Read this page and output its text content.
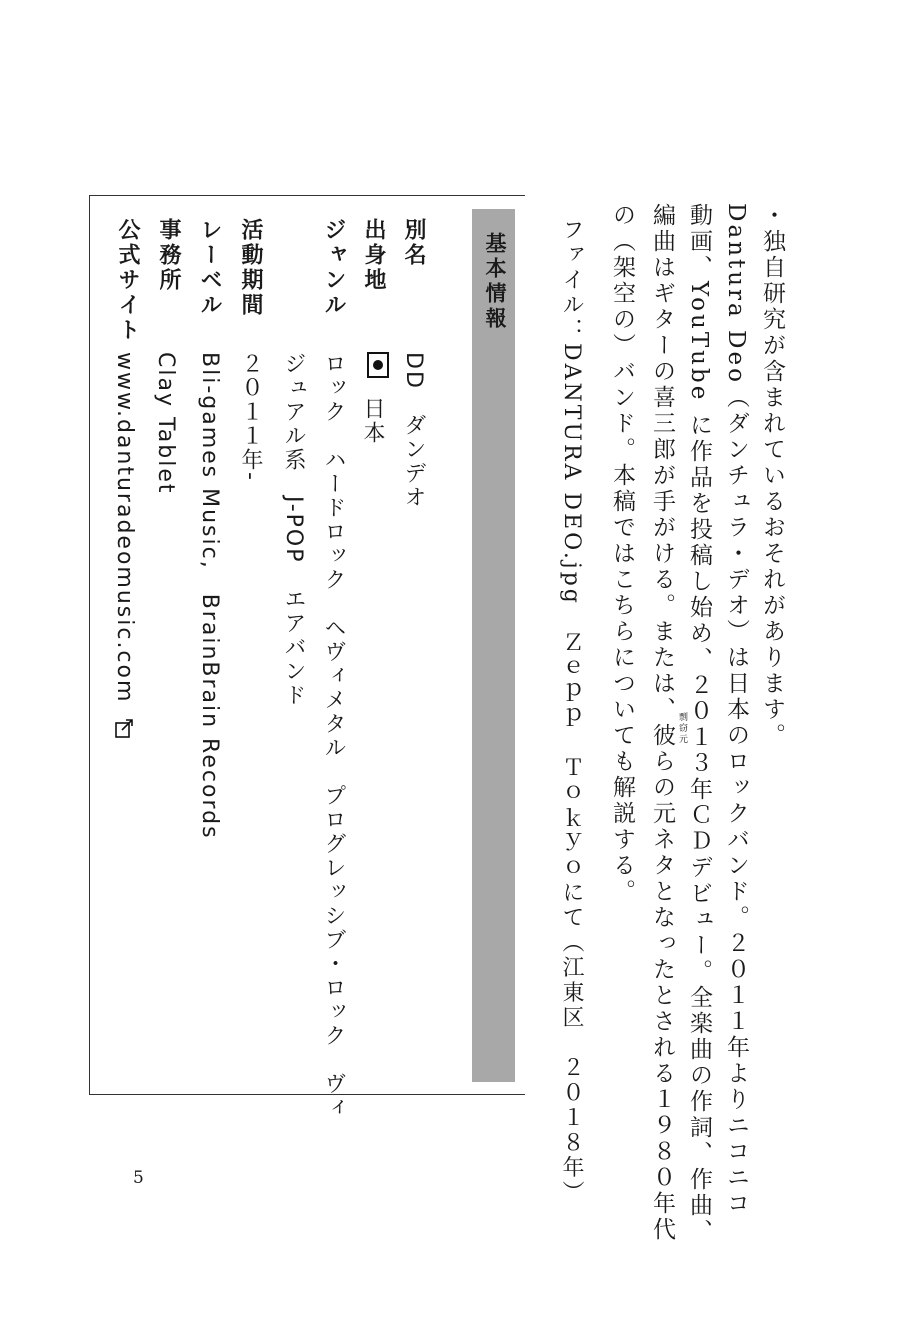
・独自研究が含まれているおそれがあります。
Dantura Deo（ダンチュラ・デオ）は日本のロックバンド。２０１１年よりニコニコ
動画、YouTube に作品を投稿し始め、２０１３年ＣＤデビュー。全楽曲の作詞、作曲、
編曲はギターの喜三郎が手がける。または、彼らの元ネタとなったとされる１９８０年代 剽窃元
の（架空の）バンド。本稿ではこちらについても解説する。
ファイル：DANTURA DEO.jpg　Ｚｅｐｐ　Ｔｏｋｙｏにて（江東区　２０１８年）
基本情報
別名
DD　ダンデオ
出身地
日本
ジャンル
ロック　ハードロック　ヘヴィメタル　プログレッシブ・ロック　ヴィ
ジュアル系　J-POP　エアバンド
活動期間
２０１１年-
レーベル
Bli-games Music,　BrainBrain Records
事務所
Clay Tablet
公式サイト
www.danturadeomusic.com
5
